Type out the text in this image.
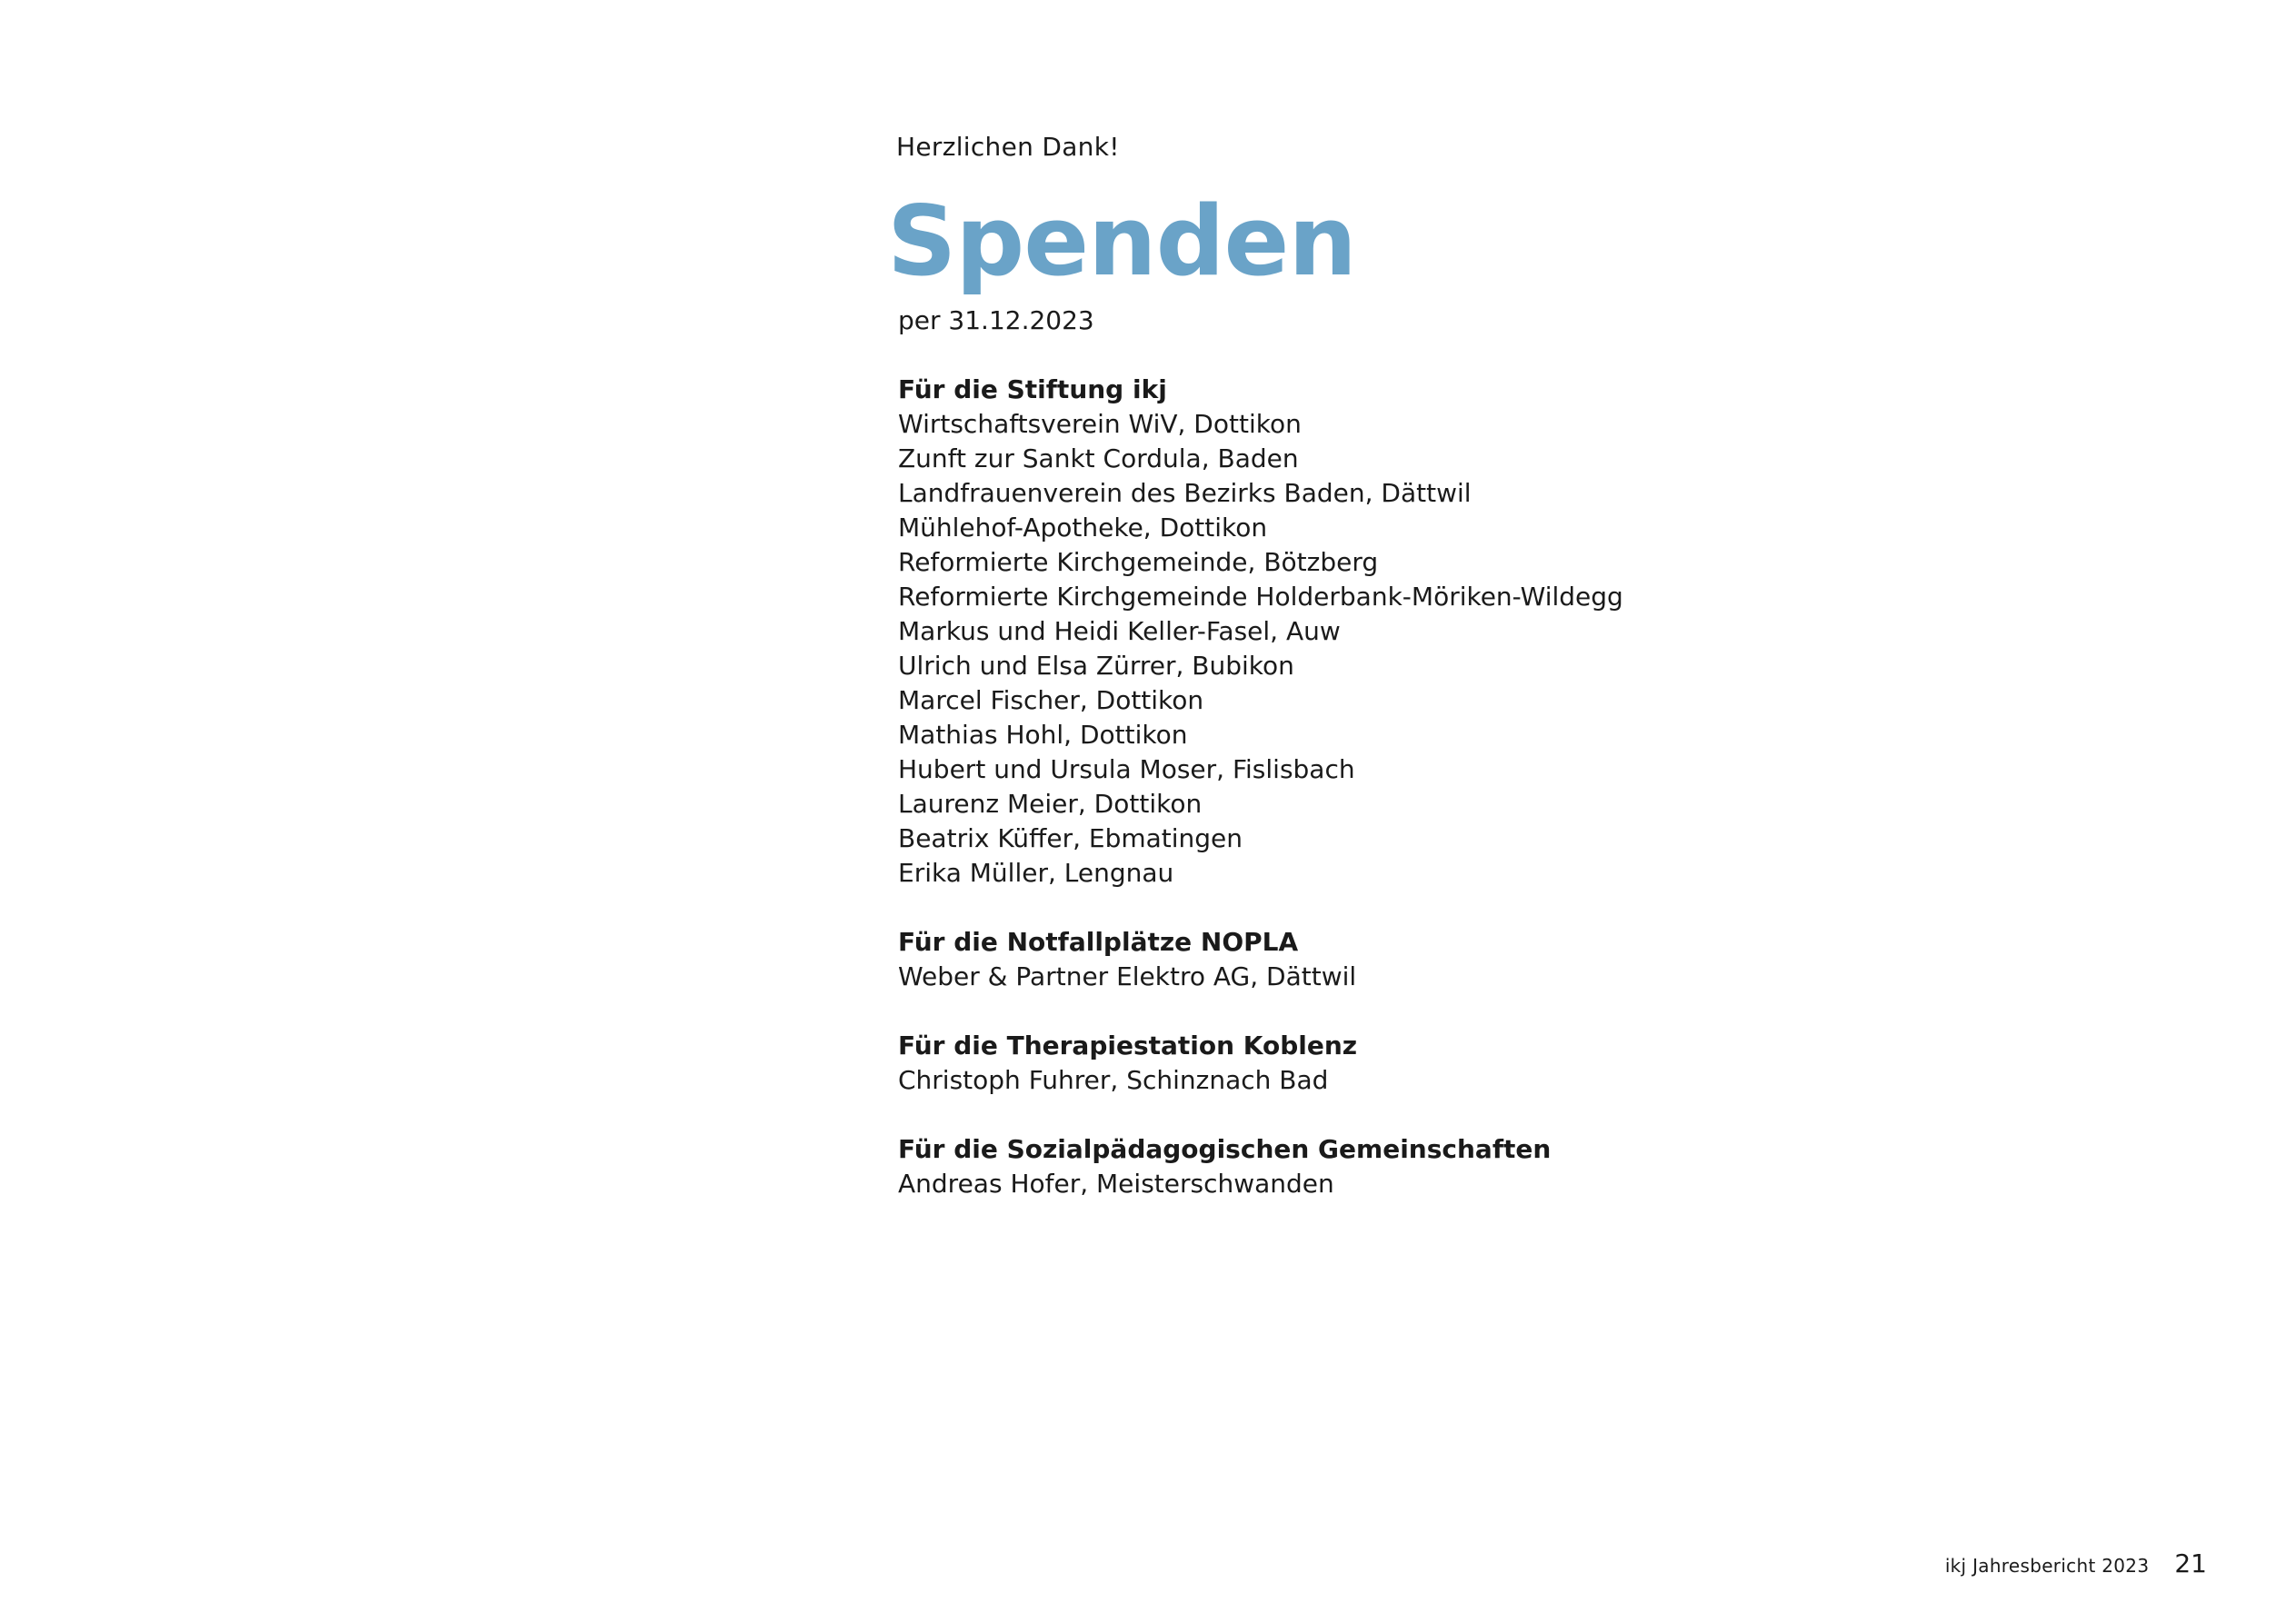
Herzlichen Dank!
Spenden
per 31.12.2023

Für die Stiftung ikj

Wirtschaftsverein WiV, Dottikon

Zunft zur Sankt Cordula, Baden

Landfrauenverein des Bezirks Baden, Dättwil

Mühlehof-Apotheke, Dottikon

Reformierte Kirchgemeinde, Bötzberg

Reformierte Kirchgemeinde Holderbank-Möriken-Wildegg

Markus und Heidi Keller-Fasel, Auw

Ulrich und Elsa Zürrer, Bubikon

Marcel Fischer, Dottikon

Mathias Hohl, Dottikon

Hubert und Ursula Moser, Fislisbach

Laurenz Meier, Dottikon

Beatrix Küffer, Ebmatingen

Erika Müller, Lengnau

Für die Notfallplätze NOPLA

Weber & Partner Elektro AG, Dättwil

Für die Therapiestation Koblenz

Christoph Fuhrer, Schinznach Bad

Für die Sozialpädagogischen Gemeinschaften

Andreas Hofer, Meisterschwanden

ikj Jahresbericht 2023 21
